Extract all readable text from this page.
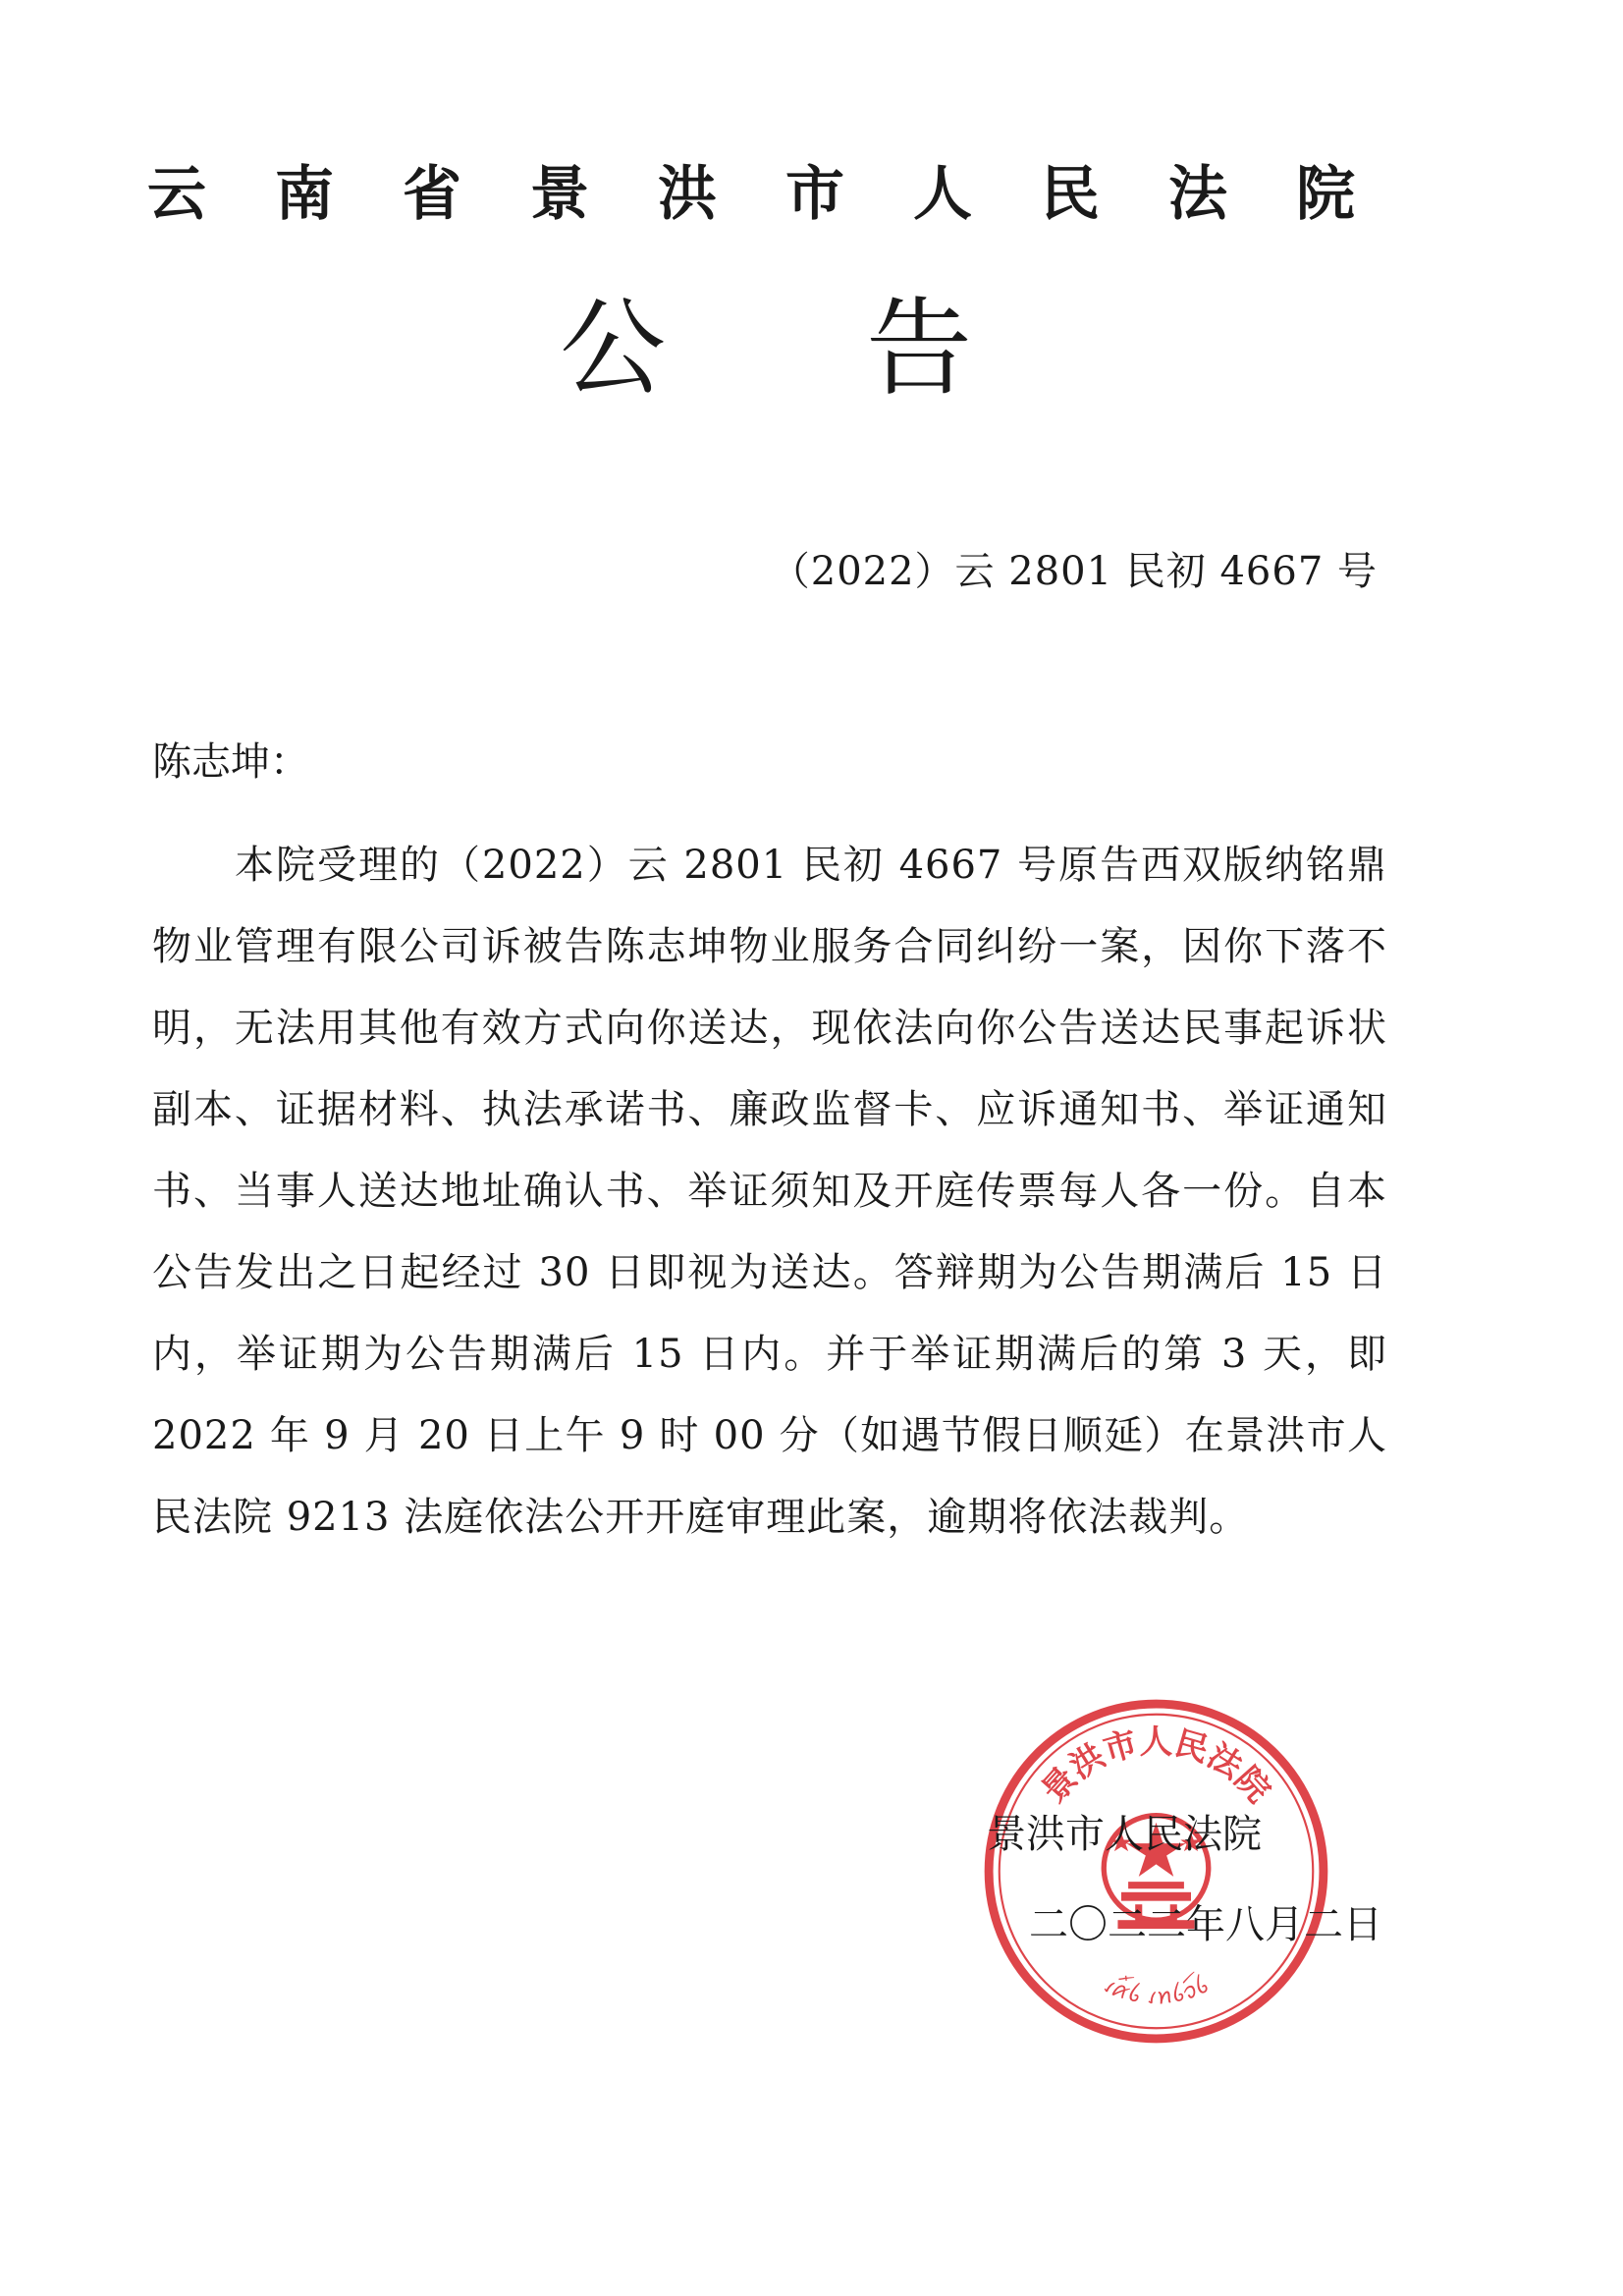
云 南 省 景 洪 市 人 民 法 院
公 告
（2022）云 2801 民初 4667 号
陈志坤：

本院受理的（2022）云 2801 民初 4667 号原告西双版纳铭鼎物业管理有限公司诉被告陈志坤物业服务合同纠纷一案，因你下落不明，无法用其他有效方式向你送达，现依法向你公告送达民事起诉状副本、证据材料、执法承诺书、廉政监督卡、应诉通知书、举证通知书、当事人送达地址确认书、举证须知及开庭传票每人各一份。自本公告发出之日起经过 30 日即视为送达。答辩期为公告期满后 15 日内，举证期为公告期满后 15 日内。并于举证期满后的第 3 天，即 2022 年 9 月 20 日上午 9 时 00 分（如遇节假日顺延）在景洪市人民法院 9213 法庭依法公开开庭审理此案，逾期将依法裁判。

景洪市人民法院
ꪹꪁꪸꪉ ꪹꪀꪉꪫꪷꪉ
景洪市人民法院
二〇二二年八月二日
